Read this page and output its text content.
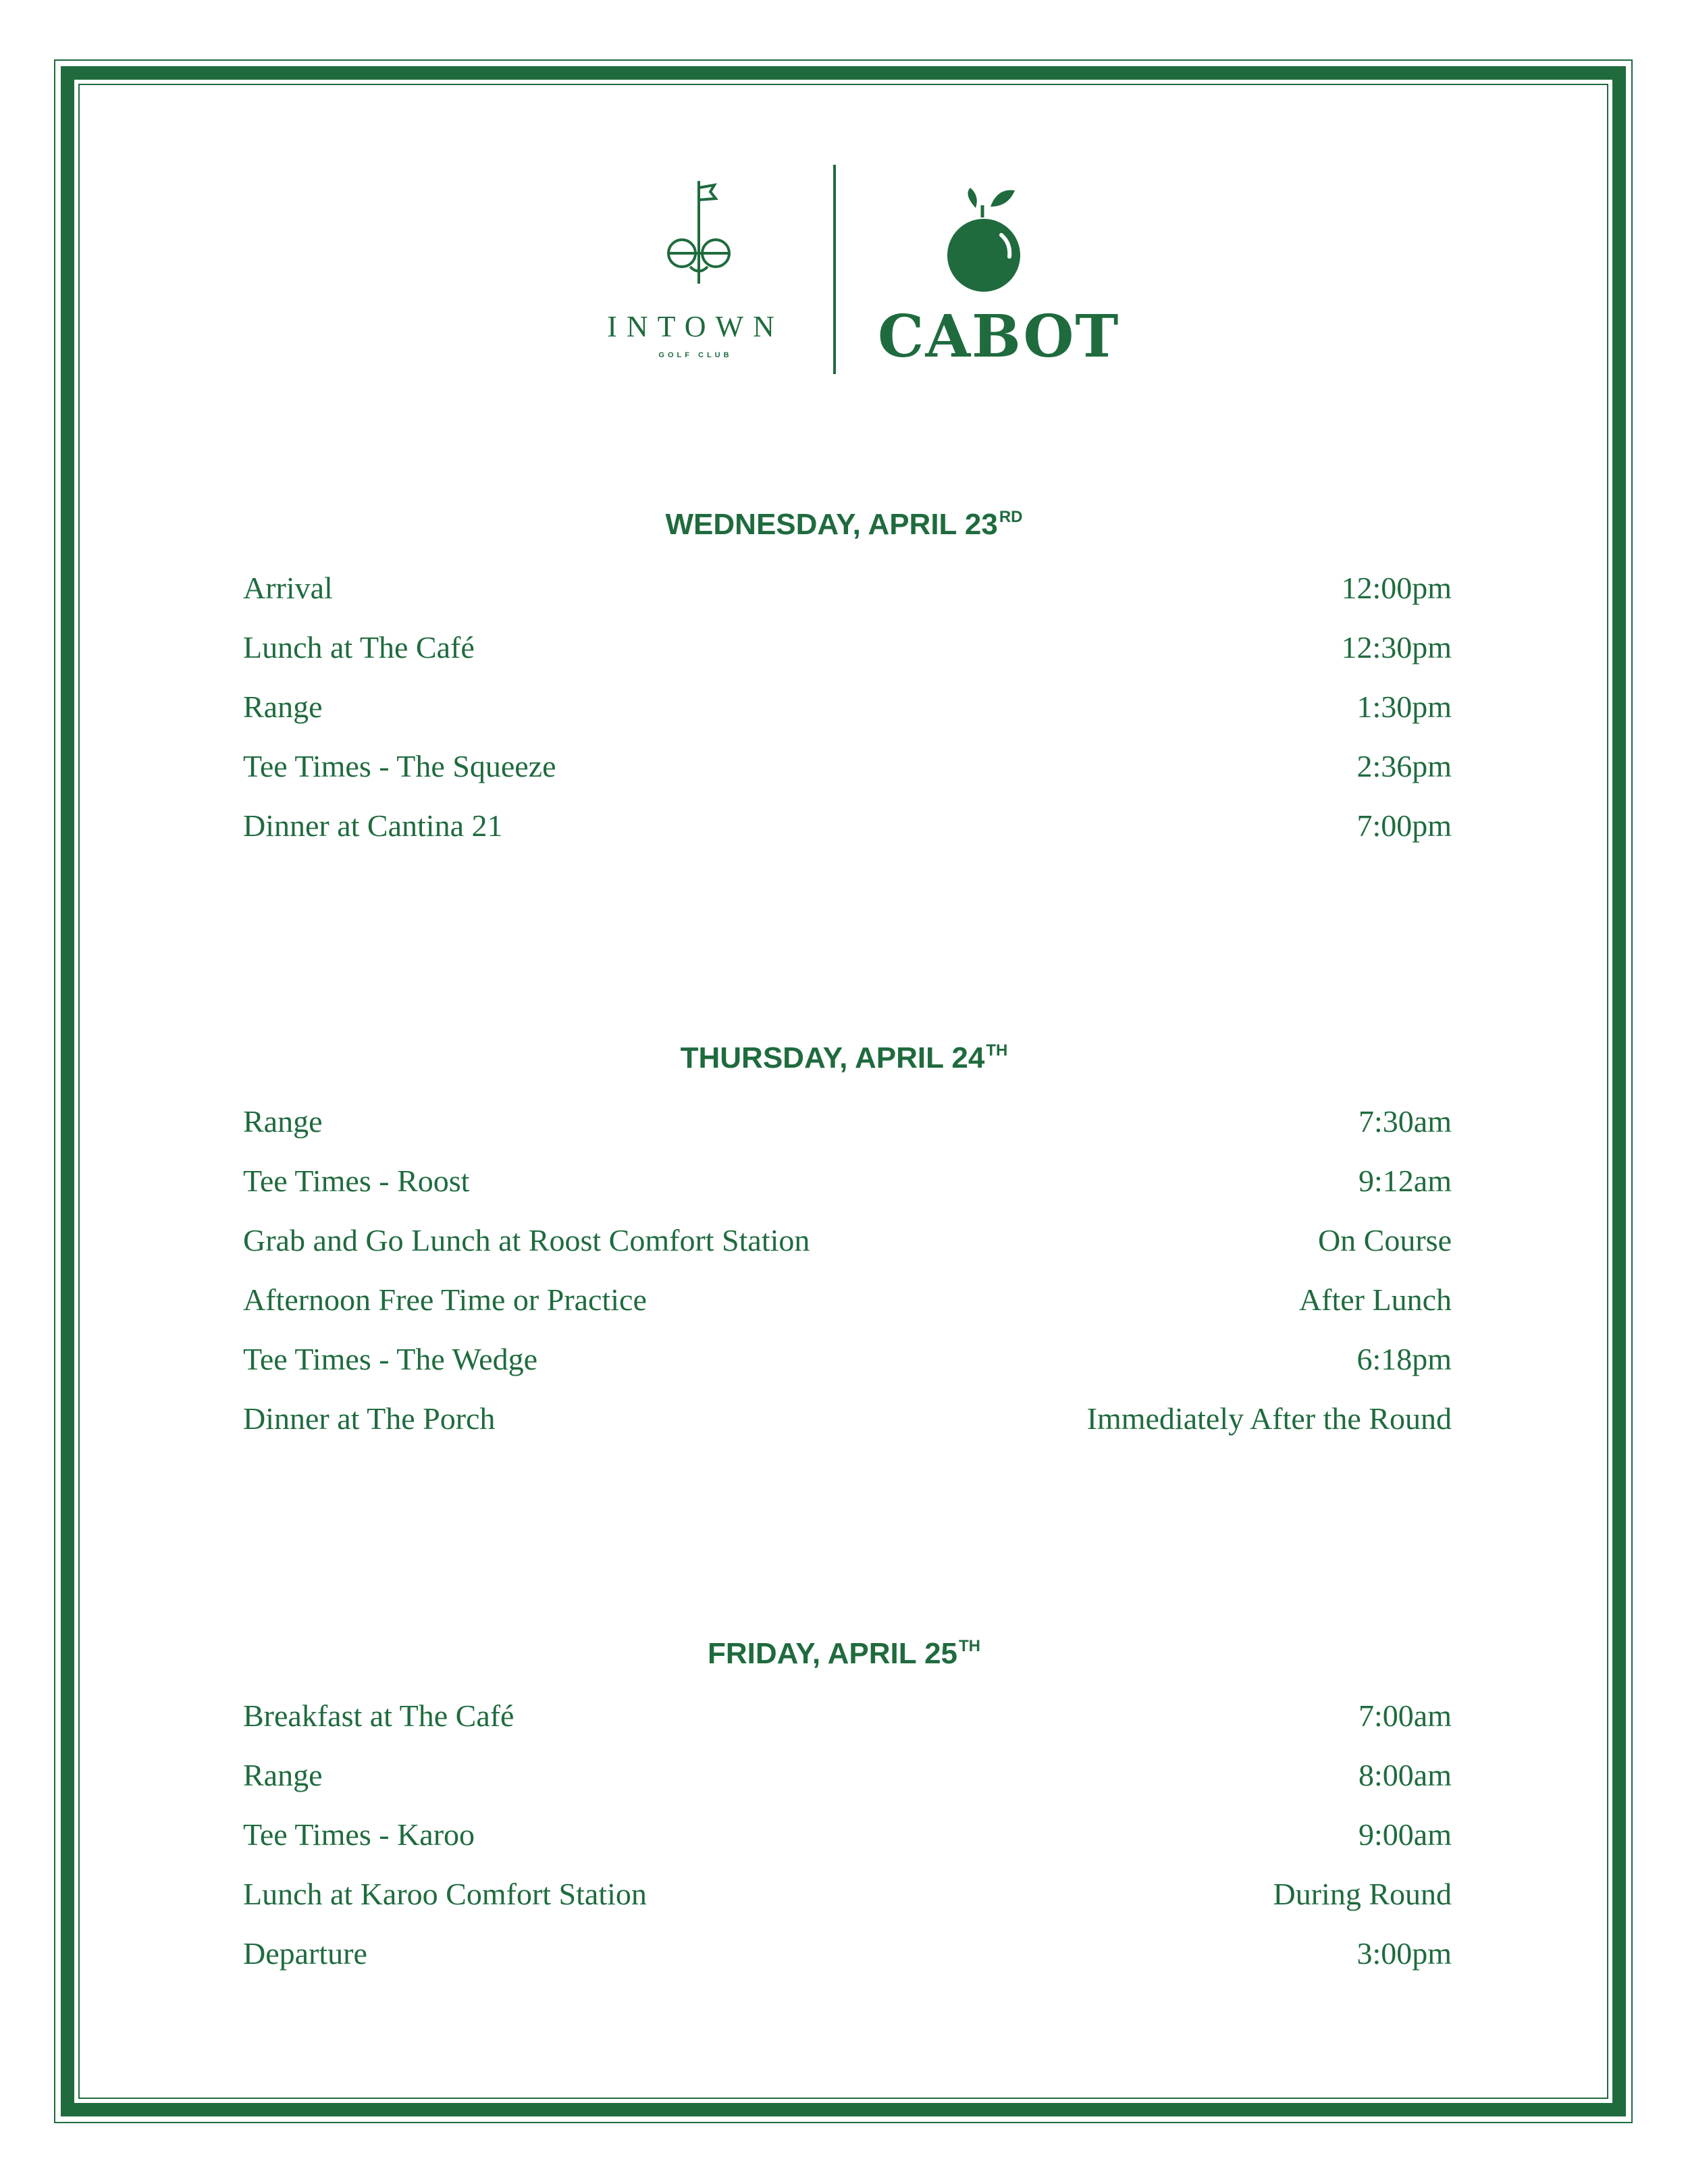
INTOWN
GOLF CLUB	CABOT
WEDNESDAY, APRIL 23RD
Arrival	12:00pm
Lunch at The Café	12:30pm
Range	1:30pm
Tee Times - The Squeeze	2:36pm
Dinner at Cantina 21	7:00pm
THURSDAY, APRIL 24TH
Range	7:30am
Tee Times - Roost	9:12am
Grab and Go Lunch at Roost Comfort Station	On Course
Afternoon Free Time or Practice	After Lunch
Tee Times - The Wedge	6:18pm
Dinner at The Porch	Immediately After the Round
FRIDAY, APRIL 25TH
Breakfast at The Café	7:00am
Range	8:00am
Tee Times - Karoo	9:00am
Lunch at Karoo Comfort Station	During Round
Departure	3:00pm
